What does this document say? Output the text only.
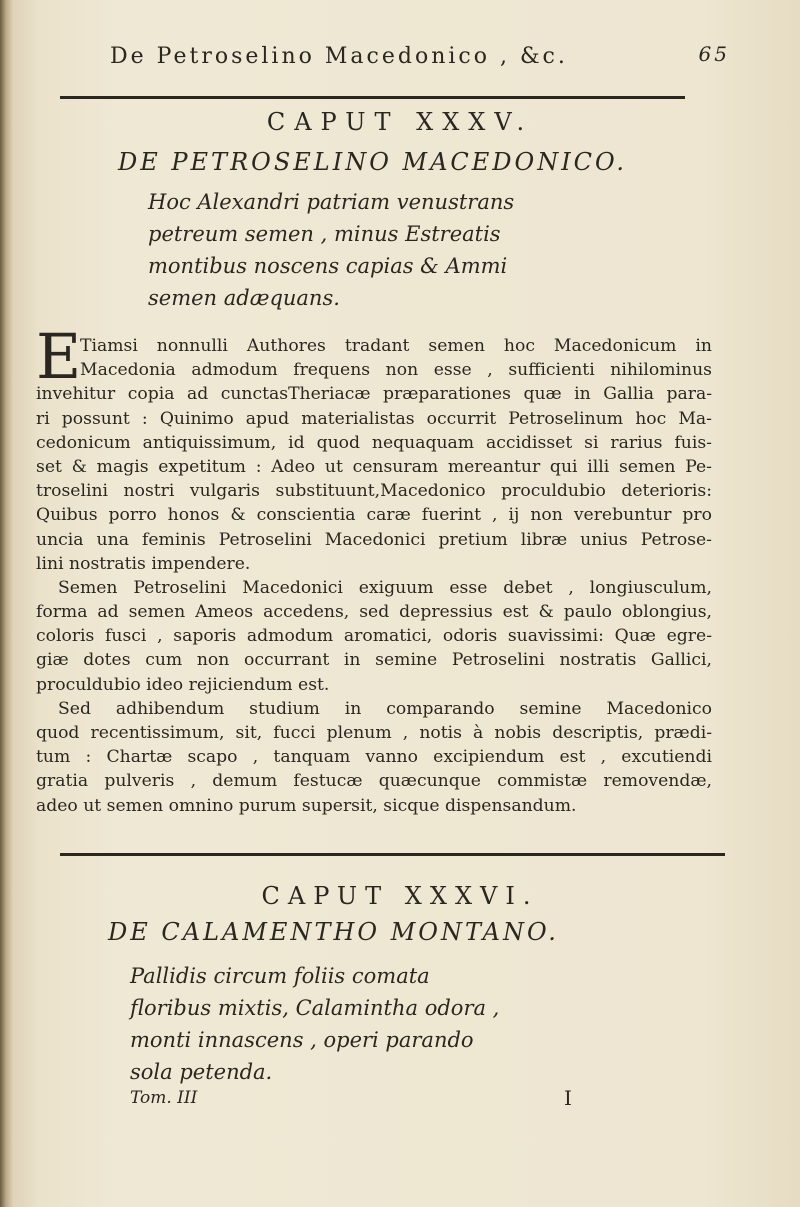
De Petroselino Macedonico , &c.	65
CAPUT XXXV.
DE PETROSELINO MACEDONICO.
Hoc Alexandri patriam venustrans
petreum semen , minus Estreatis
montibus noscens capias & Ammi
semen adæquans.
E
Tiamsi nonnulli Authores tradant semen hoc Macedonicum in
Macedonia admodum frequens non esse , sufficienti nihilominus
invehitur copia ad cunctasTheriacæ præparationes quæ in Gallia para-
ri possunt : Quinimo apud materialistas occurrit Petroselinum hoc Ma-
cedonicum antiquissimum, id quod nequaquam accidisset si rarius fuis-
set & magis expetitum : Adeo ut censuram mereantur qui illi semen Pe-
troselini nostri vulgaris substituunt,Macedonico proculdubio deterioris:
Quibus porro honos & conscientia caræ fuerint , ij non verebuntur pro
uncia una feminis Petroselini Macedonici pretium libræ unius Petrose-
lini nostratis impendere.
Semen Petroselini Macedonici exiguum esse debet , longiusculum,
forma ad semen Ameos accedens, sed depressius est & paulo oblongius,
coloris fusci , saporis admodum aromatici, odoris suavissimi: Quæ egre-
giæ dotes cum non occurrant in semine Petroselini nostratis Gallici,
proculdubio ideo rejiciendum est.
Sed adhibendum studium in comparando semine Macedonico
quod recentissimum, sit, fucci plenum , notis à nobis descriptis, prædi-
tum : Chartæ scapo , tanquam vanno excipiendum est , excutiendi
gratia pulveris , demum festucæ quæcunque commistæ removendæ,
adeo ut semen omnino purum supersit, sicque dispensandum.
CAPUT XXXVI.
DE CALAMENTHO MONTANO.
Pallidis circum foliis comata
floribus mixtis, Calamintha odora ,
monti innascens , operi parando
sola petenda.
Tom. III	I
